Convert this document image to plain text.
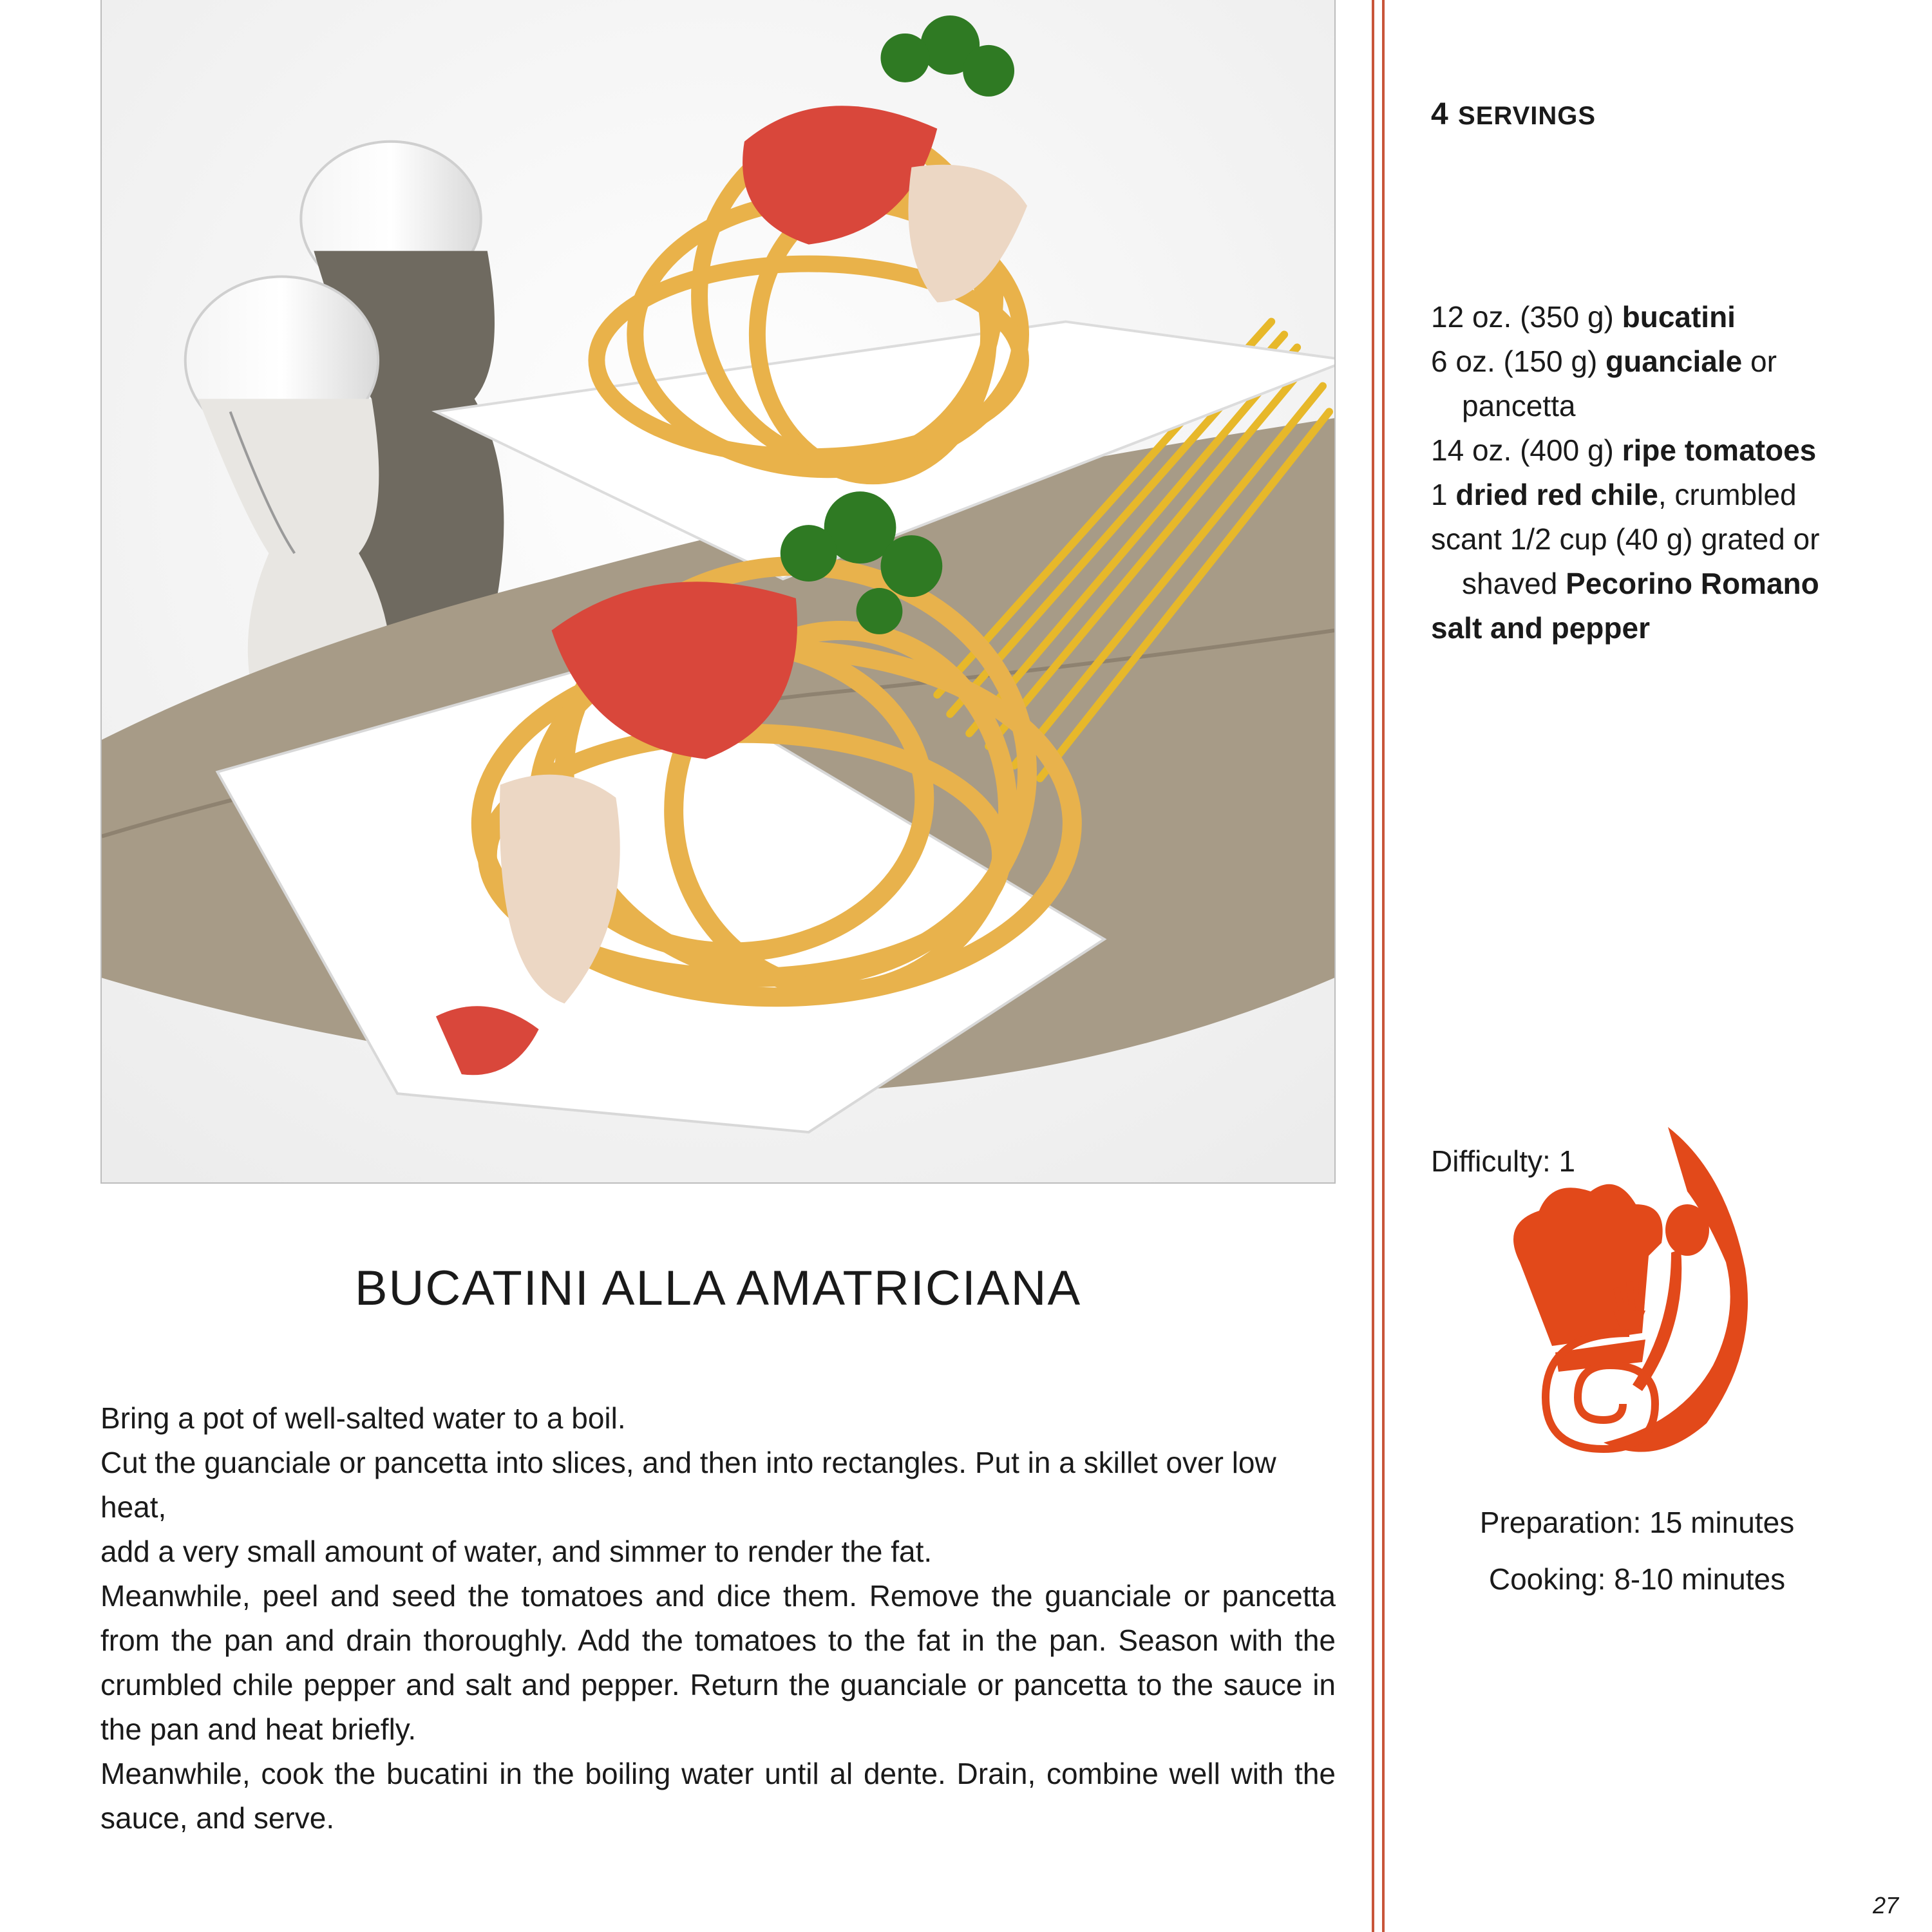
BUCATINI ALLA AMATRICIANA

Bring a pot of well-salted water to a boil.

Cut the guanciale or pancetta into slices, and then into rectangles. Put in a skillet over low heat,

add a very small amount of water, and simmer to render the fat.

Meanwhile, peel and seed the tomatoes and dice them. Remove the guanciale or pancetta from the pan and drain thoroughly. Add the tomatoes to the fat in the pan. Season with the crumbled chile pepper and salt and pepper. Return the guanciale or pancetta to the sauce in the pan and heat briefly.

Meanwhile, cook the bucatini in the boiling water until al dente. Drain, combine well with the sauce, and serve.

4 SERVINGS
12 oz. (350 g) bucatini
6 oz. (150 g) guanciale or pancetta
14 oz. (400 g) ripe tomatoes
1 dried red chile, crumbled
scant 1/2 cup (40 g) grated or shaved Pecorino Romano
salt and pepper
Difficulty: 1
Preparation: 15 minutes
Cooking: 8-10 minutes
27
